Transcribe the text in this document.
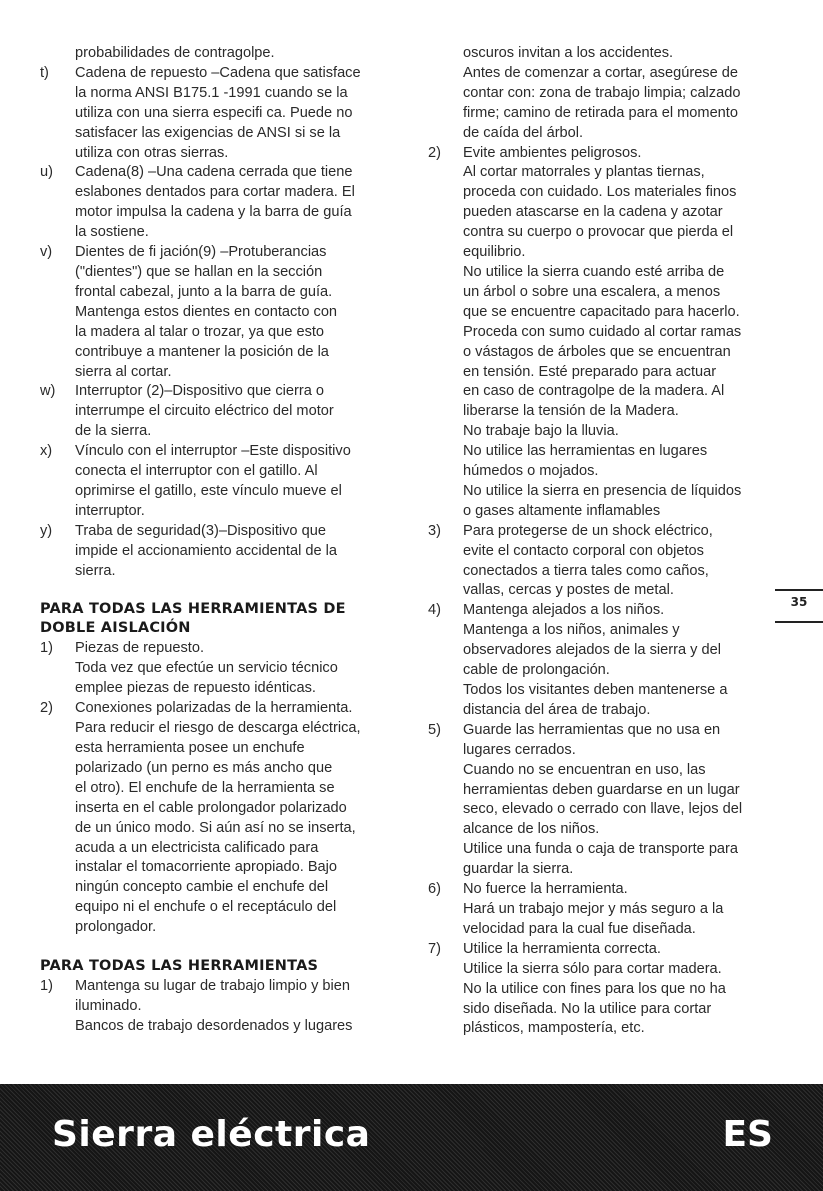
probabilidades de contragolpe.

t)	Cadena de repuesto –Cadena que satisface

la norma ANSI B175.1 -1991 cuando se la

utiliza con una sierra especifi ca. Puede no

satisfacer las exigencias de ANSI si se la

utiliza con otras sierras.

u)	Cadena(8) –Una cadena cerrada que tiene

eslabones dentados para cortar madera. El

motor impulsa la cadena y la barra de guía

la sostiene.

v)	Dientes de fi jación(9) –Protuberancias

("dientes") que se hallan en la sección

frontal cabezal, junto a la barra de guía.

Mantenga estos dientes en contacto con

la madera al talar o trozar, ya que esto

contribuye a mantener la posición de la

sierra al cortar.

w)	Interruptor (2)–Dispositivo que cierra o

interrumpe el circuito eléctrico del motor

de la sierra.

x)	Vínculo con el interruptor –Este dispositivo

conecta el interruptor con el gatillo. Al

oprimirse el gatillo, este vínculo mueve el

interruptor.

y)	Traba de seguridad(3)–Dispositivo que

impide el accionamiento accidental de la

sierra.

PARA TODAS LAS HERRAMIENTAS DE
DOBLE AISLACIÓN
1)	Piezas de repuesto.

Toda vez que efectúe un servicio técnico

emplee piezas de repuesto idénticas.

2)	Conexiones polarizadas de la herramienta.

Para reducir el riesgo de descarga eléctrica,

esta herramienta posee un enchufe

polarizado (un perno es más ancho que

el otro). El enchufe de la herramienta se

inserta en el cable prolongador polarizado

de un único modo. Si aún así no se inserta,

acuda a un electricista calificado para

instalar el tomacorriente apropiado. Bajo

ningún concepto cambie el enchufe del

equipo ni el enchufe o el receptáculo del

prolongador.

PARA TODAS LAS HERRAMIENTAS
1)	Mantenga su lugar de trabajo limpio y bien

iluminado.

Bancos de trabajo desordenados y lugares

oscuros invitan a los accidentes.

Antes de comenzar a cortar, asegúrese de

contar con: zona de trabajo limpia; calzado

firme; camino de retirada para el momento

de caída del árbol.

2)	Evite ambientes peligrosos.

Al cortar matorrales y plantas tiernas,

proceda con cuidado. Los materiales finos

pueden atascarse en la cadena y azotar

contra su cuerpo o provocar que pierda el

equilibrio.

No utilice la sierra cuando esté arriba de

un árbol o sobre una escalera, a menos

que se encuentre capacitado para hacerlo.

Proceda con sumo cuidado al cortar ramas

o vástagos de árboles que se encuentran

en tensión. Esté preparado para actuar

en caso de contragolpe de la madera. Al

liberarse la tensión de la Madera.

No trabaje bajo la lluvia.

No utilice las herramientas en lugares

húmedos o mojados.

No utilice la sierra en presencia de líquidos

o gases altamente inflamables

3)	Para protegerse de un shock eléctrico,

evite el contacto corporal con objetos

conectados a tierra tales como caños,

vallas, cercas y postes de metal.

4)	Mantenga alejados a los niños.

Mantenga a los niños, animales y

observadores alejados de la sierra y del

cable de prolongación.

Todos los visitantes deben mantenerse a

distancia del área de trabajo.

5)	Guarde las herramientas que no usa en

lugares cerrados.

Cuando no se encuentran en uso, las

herramientas deben guardarse en un lugar

seco, elevado o cerrado con llave, lejos del

alcance de los niños.

Utilice una funda o caja de transporte para

guardar la sierra.

6)	No fuerce la herramienta.

Hará un trabajo mejor y más seguro a la

velocidad para la cual fue diseñada.

7)	Utilice la herramienta correcta.

Utilice la sierra sólo para cortar madera.

No la utilice con fines para los que no ha

sido diseñada. No la utilice para cortar

plásticos, mampostería, etc.

35
Sierra eléctrica	ES
